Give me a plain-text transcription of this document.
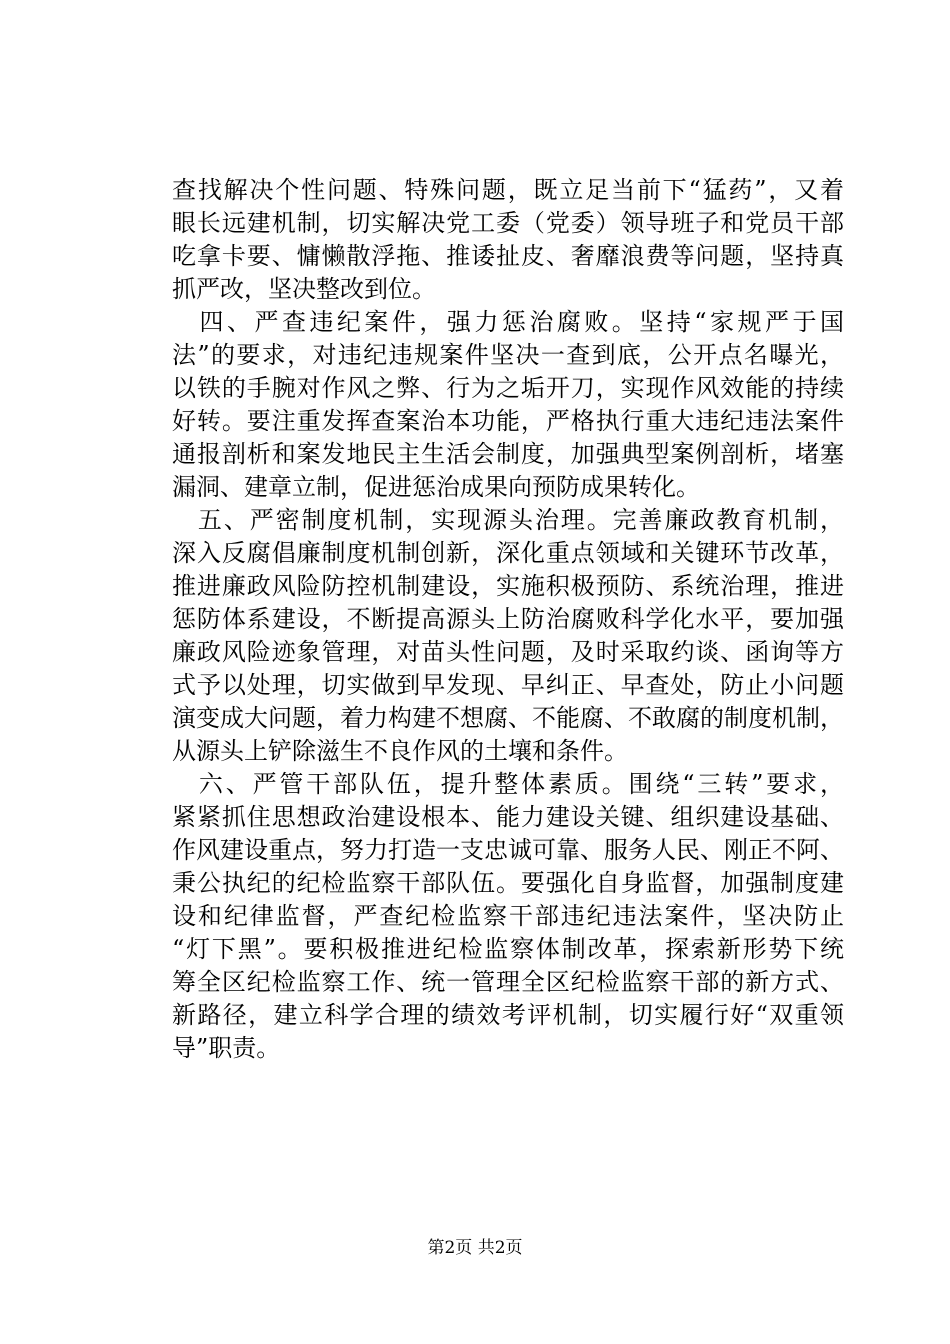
查找解决个性问题、特殊问题，既立足当前下“猛药”，又着
眼长远建机制，切实解决党工委（党委）领导班子和党员干部
吃拿卡要、慵懒散浮拖、推诿扯皮、奢靡浪费等问题，坚持真
抓严改，坚决整改到位。
　四、严查违纪案件，强力惩治腐败。坚持“家规严于国
法”的要求，对违纪违规案件坚决一查到底，公开点名曝光，
以铁的手腕对作风之弊、行为之垢开刀，实现作风效能的持续
好转。要注重发挥查案治本功能，严格执行重大违纪违法案件
通报剖析和案发地民主生活会制度，加强典型案例剖析，堵塞
漏洞、建章立制，促进惩治成果向预防成果转化。
　五、严密制度机制，实现源头治理。完善廉政教育机制，
深入反腐倡廉制度机制创新，深化重点领域和关键环节改革，
推进廉政风险防控机制建设，实施积极预防、系统治理，推进
惩防体系建设，不断提高源头上防治腐败科学化水平，要加强
廉政风险迹象管理，对苗头性问题，及时采取约谈、函询等方
式予以处理，切实做到早发现、早纠正、早查处，防止小问题
演变成大问题，着力构建不想腐、不能腐、不敢腐的制度机制，
从源头上铲除滋生不良作风的土壤和条件。
　六、严管干部队伍，提升整体素质。围绕“三转”要求，
紧紧抓住思想政治建设根本、能力建设关键、组织建设基础、
作风建设重点，努力打造一支忠诚可靠、服务人民、刚正不阿、
秉公执纪的纪检监察干部队伍。要强化自身监督，加强制度建
设和纪律监督，严查纪检监察干部违纪违法案件，坚决防止
“灯下黑”。要积极推进纪检监察体制改革，探索新形势下统
筹全区纪检监察工作、统一管理全区纪检监察干部的新方式、
新路径，建立科学合理的绩效考评机制，切实履行好“双重领
导”职责。
第2页 共2页
